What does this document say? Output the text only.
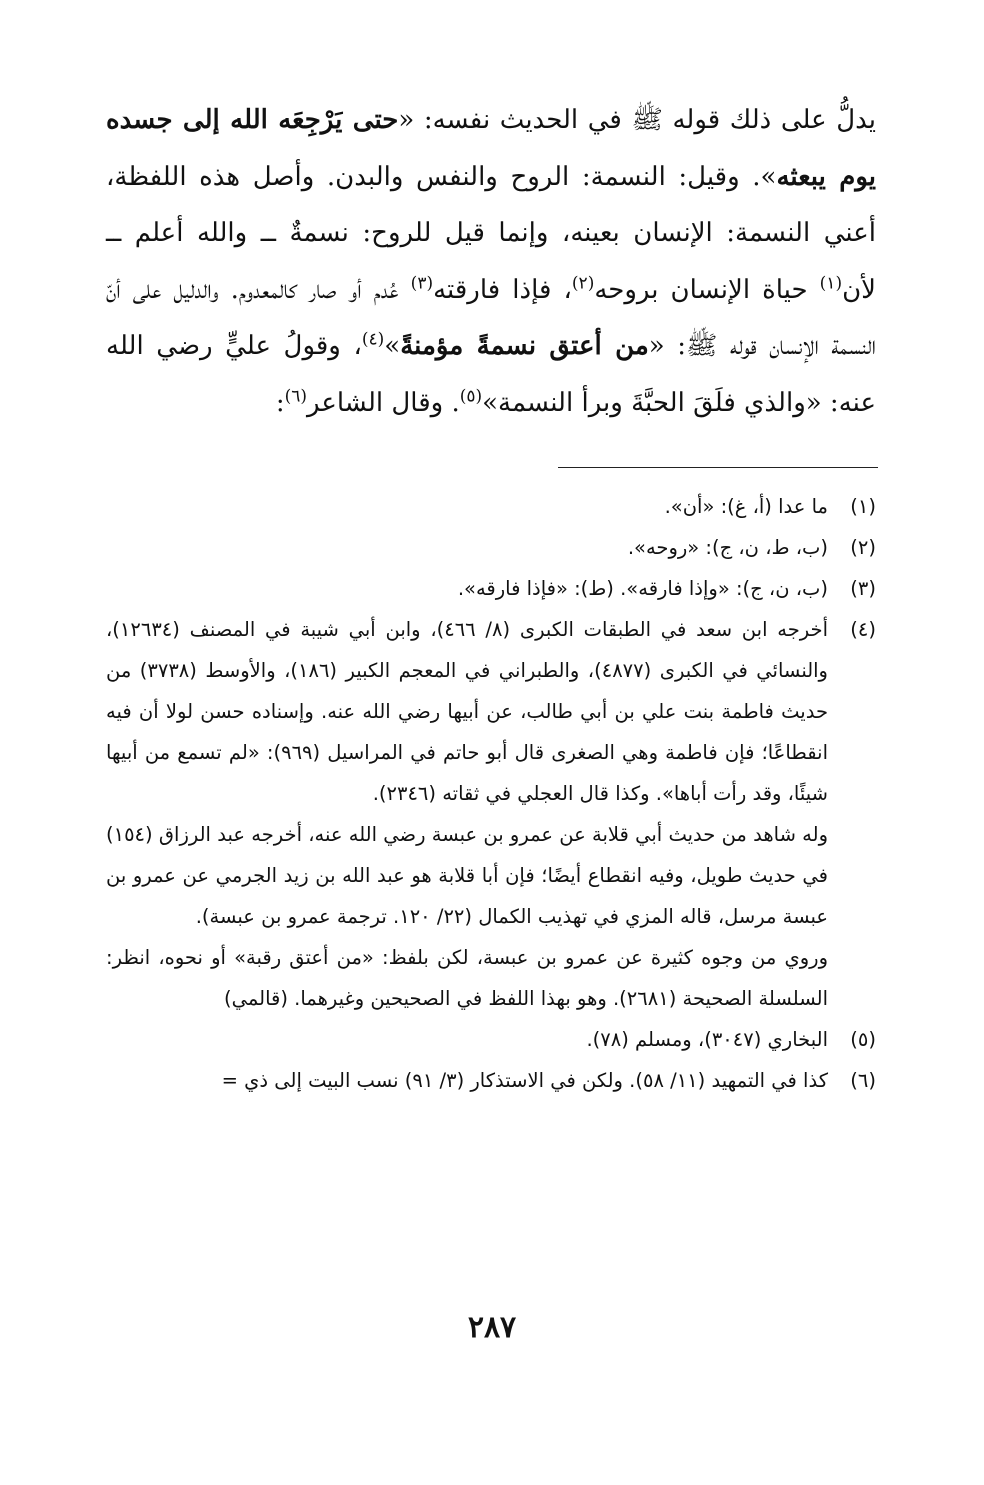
يدلُّ على ذلك قوله ﷺ في الحديث نفسه: «حتى يَرْجِعَه الله إلى جسده يوم يبعثه». وقيل: النسمة: الروح والنفس والبدن. وأصل هذه اللفظة، أعني النسمة: الإنسان بعينه، وإنما قيل للروح: نسمةٌ ــ والله أعلم ــ لأن$^{(١)}$ حياة الإنسان بروحه$^{(٢)}$، فإذا فارقته$^{(٣)}$ عُدم أو صار كالمعدوم. والدليل على أنّ النسمة الإنسان قوله ﷺ: «من أعتق نسمةً مؤمنةً»$^{(٤)}$، وقولُ عليٍّ رضي الله عنه: «والذي فلَقَ الحبَّةَ وبرأ النسمة»$^{(٥)}$. وقال الشاعر$^{(٦)}$:

(١)
ما عدا (أ، غ): «أن».
(٢)
(ب، ط، ن، ج): «روحه».
(٣)
(ب، ن، ج): «وإذا فارقه». (ط): «فإذا فارقه».
(٤)
أخرجه ابن سعد في الطبقات الكبرى (٨/ ٤٦٦)، وابن أبي شيبة في المصنف (١٢٦٣٤)، والنسائي في الكبرى (٤٨٧٧)، والطبراني في المعجم الكبير (١٨٦)، والأوسط (٣٧٣٨) من حديث فاطمة بنت علي بن أبي طالب، عن أبيها رضي الله عنه. وإسناده حسن لولا أن فيه انقطاعًا؛ فإن فاطمة وهي الصغرى قال أبو حاتم في المراسيل (٩٦٩): «لم تسمع من أبيها شيئًا، وقد رأت أباها». وكذا قال العجلي في ثقاته (٢٣٤٦).
وله شاهد من حديث أبي قلابة عن عمرو بن عبسة رضي الله عنه، أخرجه عبد الرزاق (١٥٤) في حديث طويل، وفيه انقطاع أيضًا؛ فإن أبا قلابة هو عبد الله بن زيد الجرمي عن عمرو بن عبسة مرسل، قاله المزي في تهذيب الكمال (٢٢/ ١٢٠. ترجمة عمرو بن عبسة).
وروي من وجوه كثيرة عن عمرو بن عبسة، لكن بلفظ: «من أعتق رقبة» أو نحوه، انظر: السلسلة الصحيحة (٢٦٨١). وهو بهذا اللفظ في الصحيحين وغيرهما. (قالمي)
(٥)
البخاري (٣٠٤٧)، ومسلم (٧٨).
(٦)
كذا في التمهيد (١١/ ٥٨). ولكن في الاستذكار (٣/ ٩١) نسب البيت إلى ذي =
٢٨٧
